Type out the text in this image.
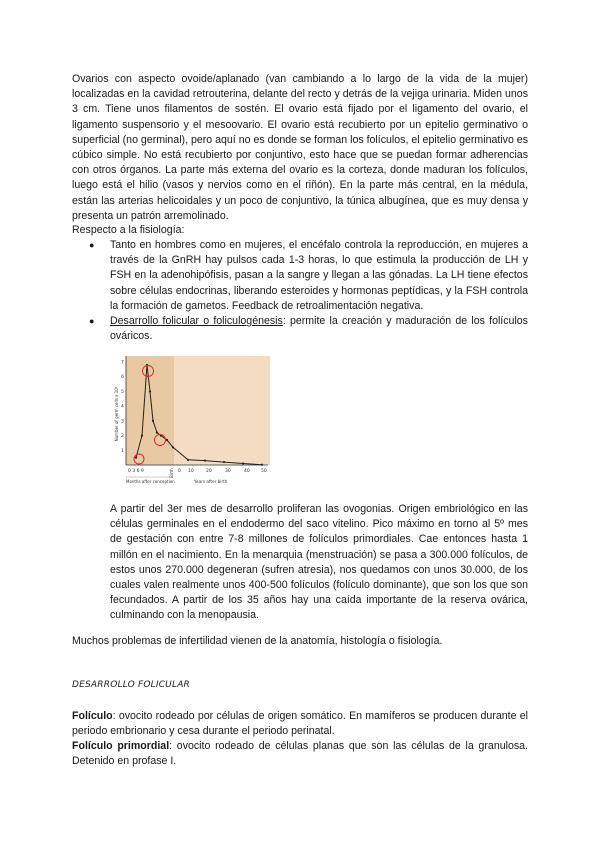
Ovarios con aspecto ovoide/aplanado (van cambiando a lo largo de la vida de la mujer) localizadas en la cavidad retrouterina, delante del recto y detrás de la vejiga urinaria. Miden unos 3 cm. Tiene unos filamentos de sostén. El ovario está fijado por el ligamento del ovario, el ligamento suspensorio y el mesoovario. El ovario está recubierto por un epitelio germinativo o superficial (no germinal), pero aquí no es donde se forman los folículos, el epitelio germinativo es cúbico simple. No está recubierto por conjuntivo, esto hace que se puedan formar adherencias con otros órganos. La parte más externa del ovario es la corteza, donde maduran los folículos, luego está el hilio (vasos y nervios como en el riñón). En la parte más central, en la médula, están las arterias helicoidales y un poco de conjuntivo, la túnica albugínea, que es muy densa y presenta un patrón arremolinado.

Respecto a la fisiología:

● Tanto en hombres como en mujeres, el encéfalo controla la reproducción, en mujeres a través de la GnRH hay pulsos cada 1-3 horas, lo que estimula la producción de LH y FSH en la adenohipófisis, pasan a la sangre y llegan a las gónadas. La LH tiene efectos sobre células endocrinas, liberando esteroides y hormonas peptídicas, y la FSH controla la formación de gametos. Feedback de retroalimentación negativa.
● Desarrollo folicular o foliculogénesis: permite la creación y maduración de los folículos ováricos.
7
6
5
4
3
2
1
Number of germ cells x 10⁶
0 3 6 9	Birth 0 10	20	30	40	50
Months after conception	Years after birth

A partir del 3er mes de desarrollo proliferan las ovogonias. Origen embriológico en las células germinales en el endodermo del saco vitelino. Pico máximo en torno al 5º mes de gestación con entre 7-8 millones de folículos primordiales. Cae entonces hasta 1 millón en el nacimiento. En la menarquia (menstruación) se pasa a 300.000 folículos, de estos unos 270.000 degeneran (sufren atresia), nos quedamos con unos 30.000, de los cuales valen realmente unos 400-500 folículos (folículo dominante), que son los que son fecundados. A partir de los 35 años hay una caída importante de la reserva ovárica, culminando con la menopausia.

Muchos problemas de infertilidad vienen de la anatomía, histología o fisiología.

DESARROLLO FOLICULAR

Folículo: ovocito rodeado por células de origen somático. En mamíferos se producen durante el periodo embrionario y cesa durante el periodo perinatal.

Folículo primordial: ovocito rodeado de células planas que son las células de la granulosa. Detenido en profase I.
